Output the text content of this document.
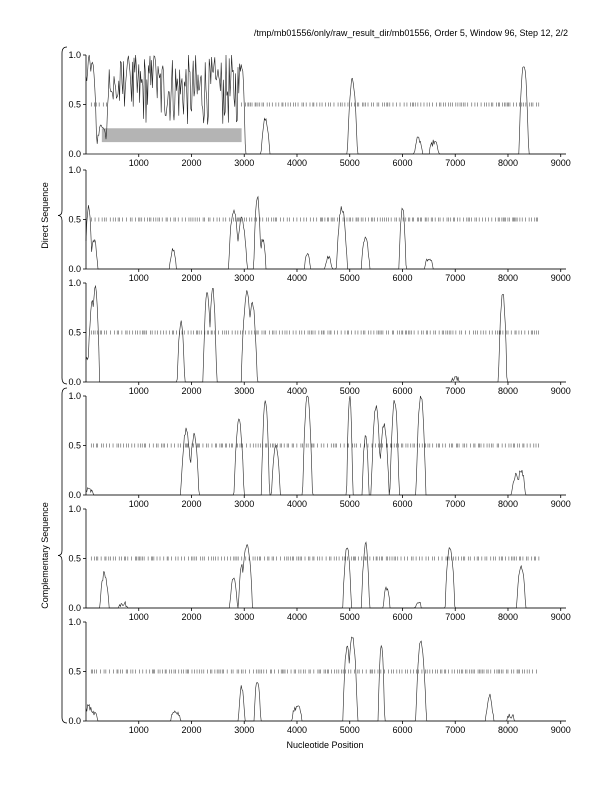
/tmp/mb01556/only/raw_result_dir/mb01556, Order 5, Window 96, Step 12, 2/2
0.0
0.5
1.0
1000	2000	3000	4000	5000	6000	7000	8000	9000
0.0
0.5
1.0
1000	2000	3000	4000	5000	6000	7000	8000	9000
0.0
0.5
1.0
1000	2000	3000	4000	5000	6000	7000	8000	9000
0.0
0.5
1.0
1000	2000	3000	4000	5000	6000	7000	8000	9000
0.0
0.5
1.0
1000	2000	3000	4000	5000	6000	7000	8000	9000
0.0
0.5
1.0
1000	2000	3000	4000	5000	6000	7000	8000	9000
Direct Sequence
Complementary Sequence
Nucleotide Position
